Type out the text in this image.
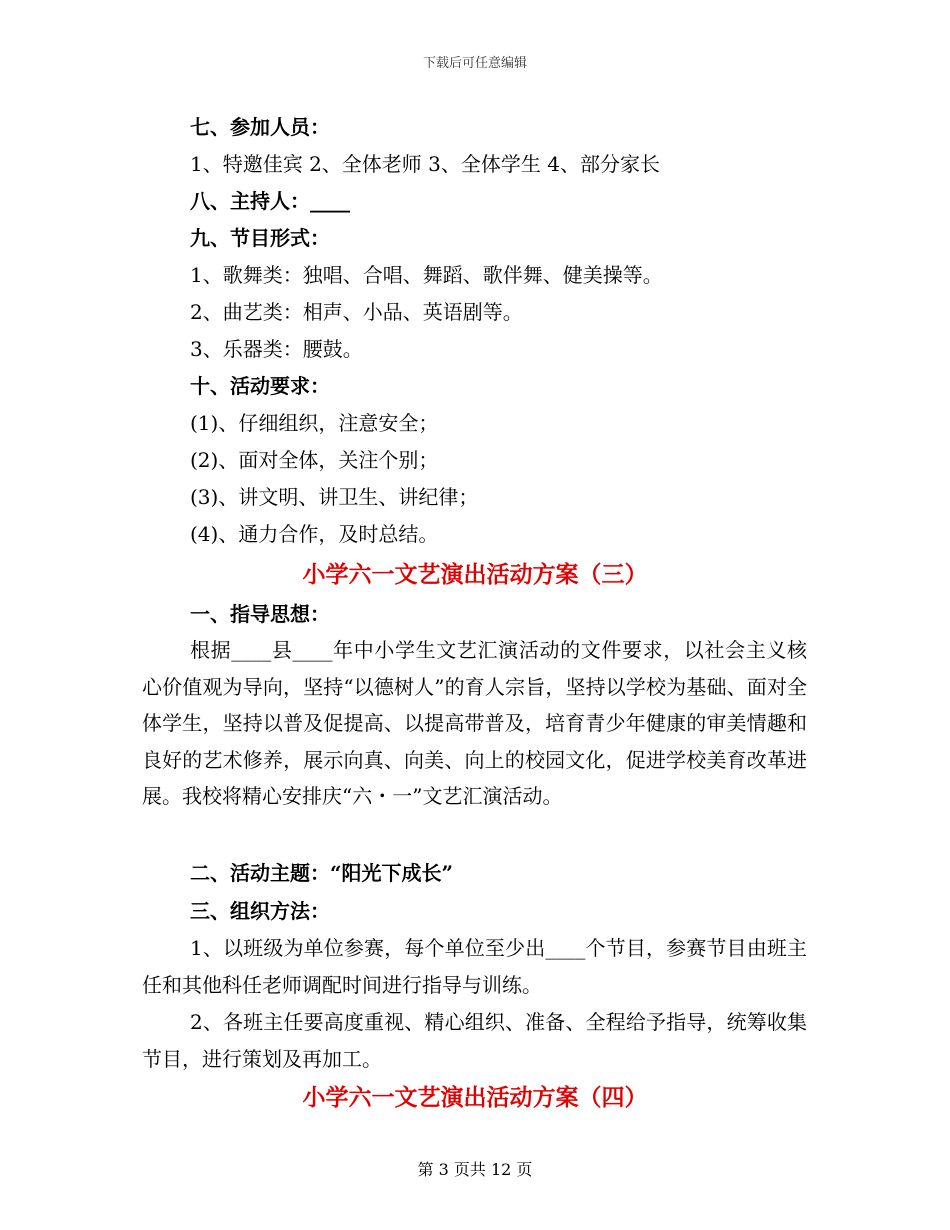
下载后可任意编辑
七、参加人员：
1、特邀佳宾 2、全体老师 3、全体学生 4、部分家长
八、主持人：____
九、节目形式：
1、歌舞类：独唱、合唱、舞蹈、歌伴舞、健美操等。
2、曲艺类：相声、小品、英语剧等。
3、乐器类：腰鼓。
十、活动要求：
(1)、仔细组织，注意安全；
(2)、面对全体，关注个别；
(3)、讲文明、讲卫生、讲纪律；
(4)、通力合作，及时总结。
小学六一文艺演出活动方案（三）
一、指导思想：
根据____县____年中小学生文艺汇演活动的文件要求，以社会主义核心价值观为导向，坚持“以德树人”的育人宗旨，坚持以学校为基础、面对全体学生，坚持以普及促提高、以提高带普及，培育青少年健康的审美情趣和良好的艺术修养，展示向真、向美、向上的校园文化，促进学校美育改革进展。我校将精心安排庆“六・一”文艺汇演活动。
二、活动主题：“阳光下成长”
三、组织方法：
1、以班级为单位参赛，每个单位至少出____个节目，参赛节目由班主任和其他科任老师调配时间进行指导与训练。
2、各班主任要高度重视、精心组织、准备、全程给予指导，统筹收集节目，进行策划及再加工。
小学六一文艺演出活动方案（四）
第 3 页共 12 页
